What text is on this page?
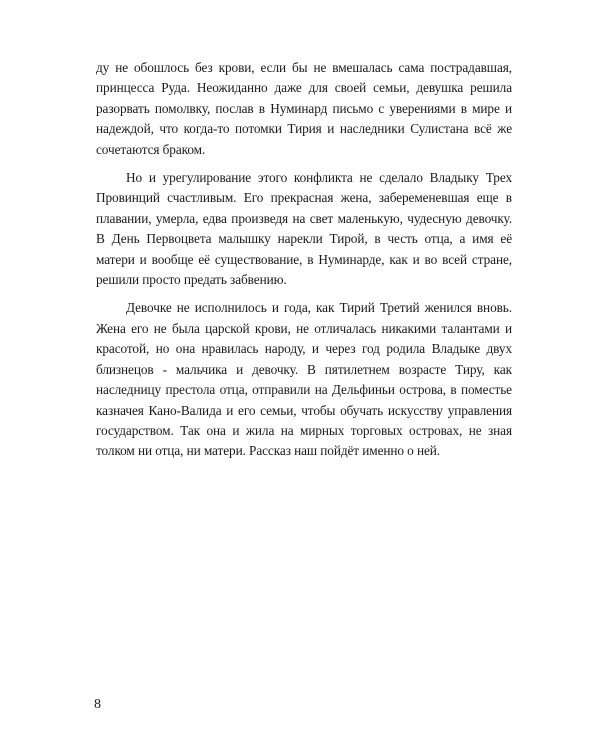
ду не обошлось без крови, если бы не вмешалась сама пострадавшая, принцесса Руда. Неожиданно даже для своей семьи, девушка решила разорвать помолвку, послав в Нуминард письмо с уверениями в мире и надеждой, что когда-то потомки Тирия и наследники Сулистана всё же сочетаются браком.

Но и урегулирование этого конфликта не сделало Владыку Трех Провинций счастливым. Его прекрасная жена, забеременевшая еще в плавании, умерла, едва произведя на свет маленькую, чудесную девочку. В День Первоцвета малышку нарекли Тирой, в честь отца, а имя её матери и вообще её существование, в Нуминарде, как и во всей стране, решили просто предать забвению.

Девочке не исполнилось и года, как Тирий Третий женился вновь. Жена его не была царской крови, не отличалась никакими талантами и красотой, но она нравилась народу, и через год родила Владыке двух близнецов - мальчика и девочку. В пятилетнем возрасте Тиру, как наследницу престола отца, отправили на Дельфиньи острова, в поместье казначея Кано-Валида и его семьи, чтобы обучать искусству управления государством. Так она и жила на мирных торговых островах, не зная толком ни отца, ни матери. Рассказ наш пойдёт именно о ней.

8
